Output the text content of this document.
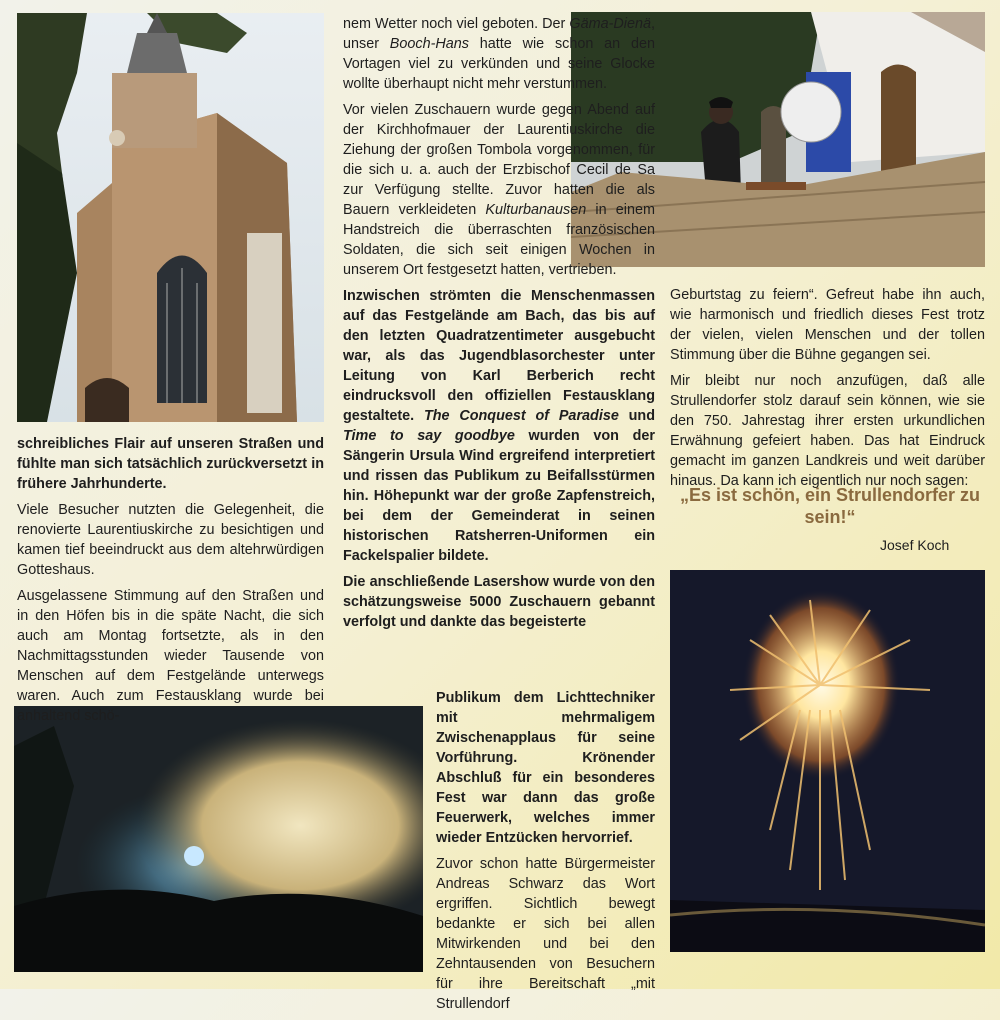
schreibliches Flair auf unseren Straßen und fühlte man sich tatsächlich zurückversetzt in frühere Jahrhunderte.

Viele Besucher nutzten die Gelegenheit, die renovierte Laurentiuskirche zu besichtigen und kamen tief beeindruckt aus dem altehrwürdigen Gotteshaus.

Ausgelassene Stimmung auf den Straßen und in den Höfen bis in die späte Nacht, die sich auch am Montag fortsetzte, als in den Nachmittagsstunden wieder Tausende von Menschen auf dem Festgelände unterwegs waren. Auch zum Festausklang wurde bei anhaltend schö-

nem Wetter noch viel geboten. Der Gäma-Dienä, unser Booch-Hans hatte wie schon an den Vortagen viel zu verkünden und seine Glocke wollte überhaupt nicht mehr verstummen.

Vor vielen Zuschauern wurde gegen Abend auf der Kirchhofmauer der Laurentiuskirche die Ziehung der großen Tombola vorgenommen, für die sich u. a. auch der Erzbischof Cecil de Sa zur Verfügung stellte. Zuvor hatten die als Bauern verkleideten Kulturbanausen in einem Handstreich die überraschten französischen Soldaten, die sich seit einigen Wochen in unserem Ort festgesetzt hatten, vertrieben.

Inzwischen strömten die Menschenmassen auf das Festgelände am Bach, das bis auf den letzten Quadratzentimeter ausgebucht war, als das Jugendblasorchester unter Leitung von Karl Berberich recht eindrucksvoll den offiziellen Festausklang gestaltete. The Conquest of Paradise und Time to say goodbye wurden von der Sängerin Ursula Wind ergreifend interpretiert und rissen das Publikum zu Beifallsstürmen hin. Höhepunkt war der große Zapfenstreich, bei dem der Gemeinderat in seinen historischen Ratsherren-Uniformen ein Fackelspalier bildete.

Die anschließende Lasershow wurde von den schätzungsweise 5000 Zuschauern gebannt verfolgt und dankte das begeisterte

Publikum dem Lichttechniker mit mehrmaligem Zwischenapplaus für seine Vorführung. Krönender Abschluß für ein besonderes Fest war dann das große Feuerwerk, welches immer wieder Entzücken hervorrief.

Zuvor schon hatte Bürgermeister Andreas Schwarz das Wort ergriffen. Sichtlich bewegt bedankte er sich bei allen Mitwirkenden und bei den Zehntausenden von Besuchern für ihre Bereitschaft „mit Strullendorf

Geburtstag zu feiern“. Gefreut habe ihn auch, wie harmonisch und friedlich dieses Fest trotz der vielen, vielen Menschen und der tollen Stimmung über die Bühne gegangen sei.

Mir bleibt nur noch anzufügen, daß alle Strullendorfer stolz darauf sein können, wie sie den 750. Jahrestag ihrer ersten urkundlichen Erwähnung gefeiert haben. Das hat Eindruck gemacht im ganzen Landkreis und weit darüber hinaus. Da kann ich eigentlich nur noch sagen:

„Es ist schön, ein Strullendorfer zu sein!“
Josef Koch
